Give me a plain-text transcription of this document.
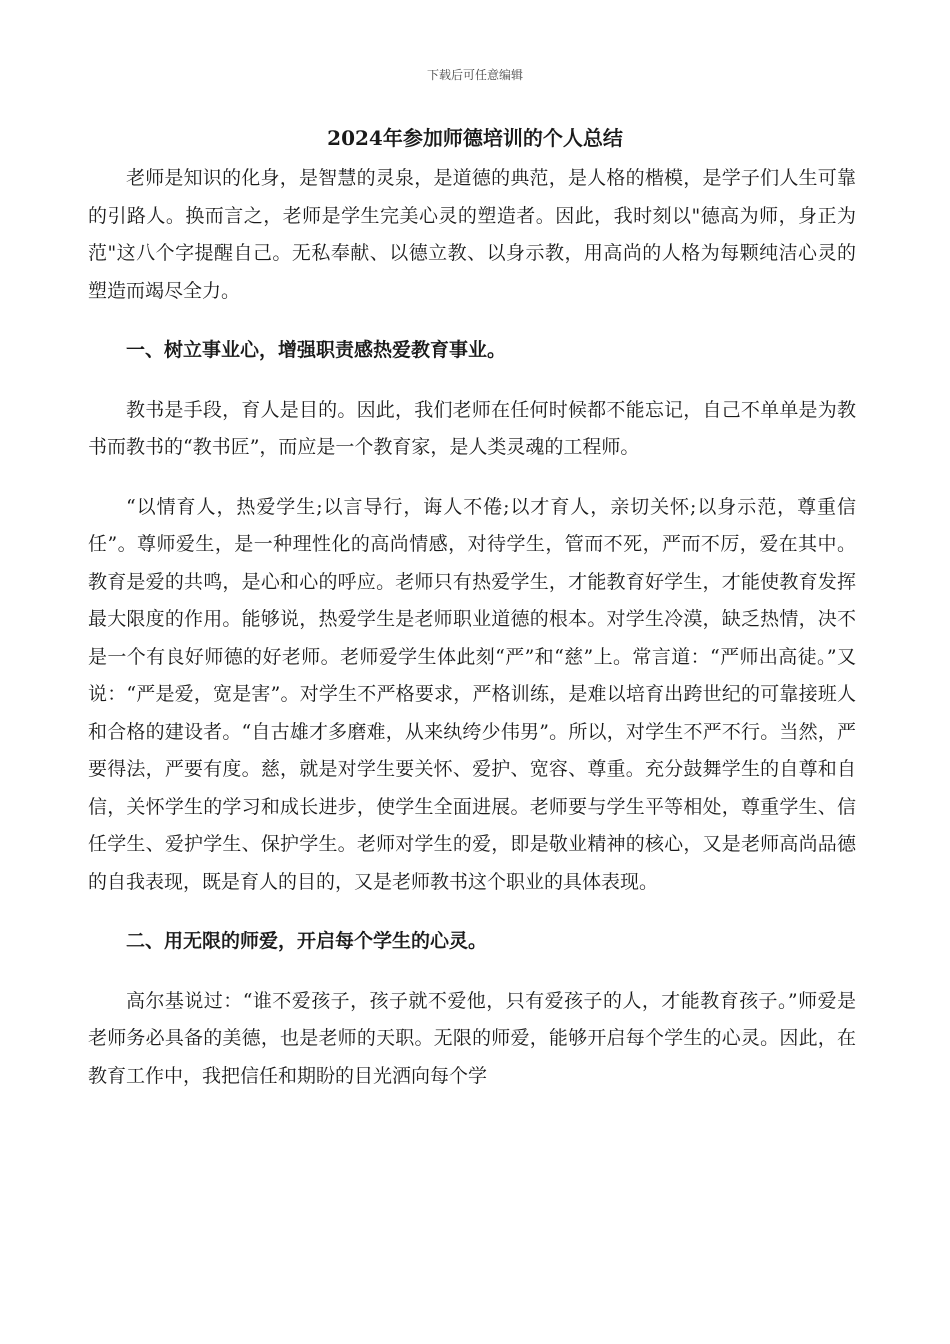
下载后可任意编辑
2024年参加师德培训的个人总结

老师是知识的化身，是智慧的灵泉，是道德的典范，是人格的楷模，是学子们人生可靠的引路人。换而言之，老师是学生完美心灵的塑造者。因此，我时刻以"德高为师，身正为范"这八个字提醒自己。无私奉献、以德立教、以身示教，用高尚的人格为每颗纯洁心灵的塑造而竭尽全力。

一、树立事业心，增强职责感热爱教育事业。

教书是手段，育人是目的。因此，我们老师在任何时候都不能忘记，自己不单单是为教书而教书的“教书匠”，而应是一个教育家，是人类灵魂的工程师。

“以情育人，热爱学生;以言导行，诲人不倦;以才育人，亲切关怀;以身示范，尊重信任”。尊师爱生，是一种理性化的高尚情感，对待学生，管而不死，严而不厉，爱在其中。教育是爱的共鸣，是心和心的呼应。老师只有热爱学生，才能教育好学生，才能使教育发挥最大限度的作用。能够说，热爱学生是老师职业道德的根本。对学生冷漠，缺乏热情，决不是一个有良好师德的好老师。老师爱学生体此刻“严”和“慈”上。常言道：“严师出高徒。”又说：“严是爱，宽是害”。对学生不严格要求，严格训练，是难以培育出跨世纪的可靠接班人和合格的建设者。“自古雄才多磨难，从来纨绔少伟男”。所以，对学生不严不行。当然，严要得法，严要有度。慈，就是对学生要关怀、爱护、宽容、尊重。充分鼓舞学生的自尊和自信，关怀学生的学习和成长进步，使学生全面进展。老师要与学生平等相处，尊重学生、信任学生、爱护学生、保护学生。老师对学生的爱，即是敬业精神的核心，又是老师高尚品德的自我表现，既是育人的目的，又是老师教书这个职业的具体表现。

二、用无限的师爱，开启每个学生的心灵。

高尔基说过：“谁不爱孩子，孩子就不爱他，只有爱孩子的人，才能教育孩子。”师爱是老师务必具备的美德，也是老师的天职。无限的师爱，能够开启每个学生的心灵。因此，在教育工作中，我把信任和期盼的目光洒向每个学
